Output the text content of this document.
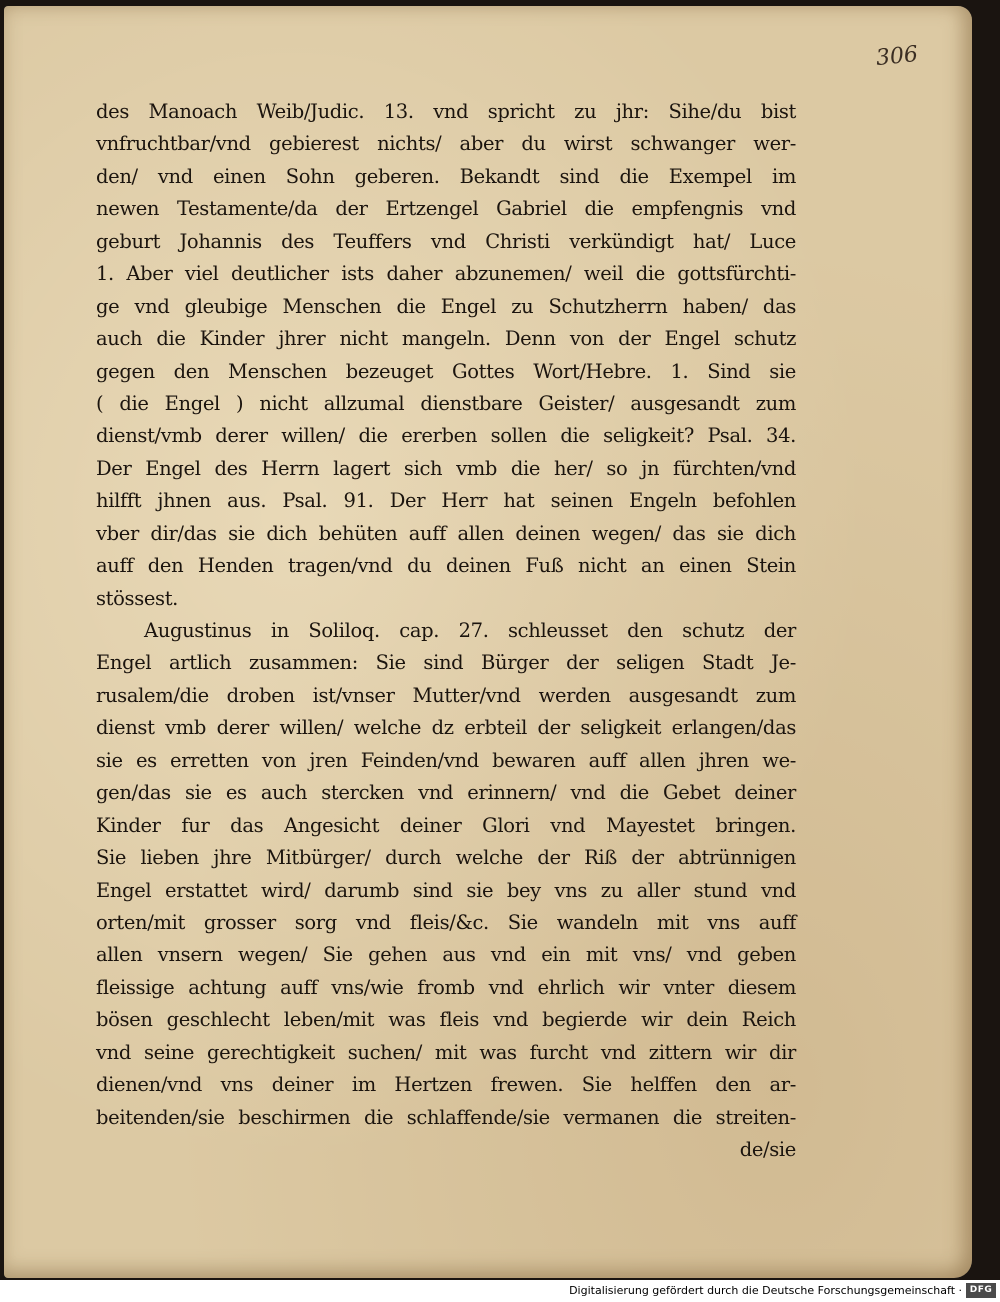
306
des Manoach Weib/Judic. 13. vnd spricht zu jhr: Sihe/du bist
vnfruchtbar/vnd gebierest nichts/ aber du wirst schwanger wer-
den/ vnd einen Sohn geberen. Bekandt sind die Exempel im
newen Testamente/da der Ertzengel Gabriel die empfengnis vnd
geburt Johannis des Teuffers vnd Christi verkündigt hat/ Luce
1. Aber viel deutlicher ists daher abzunemen/ weil die gottsfürchti-
ge vnd gleubige Menschen die Engel zu Schutzherrn haben/ das
auch die Kinder jhrer nicht mangeln. Denn von der Engel schutz
gegen den Menschen bezeuget Gottes Wort/Hebre. 1. Sind sie
( die Engel ) nicht allzumal dienstbare Geister/ ausgesandt zum
dienst/vmb derer willen/ die ererben sollen die seligkeit? Psal. 34.
Der Engel des Herrn lagert sich vmb die her/ so jn fürchten/vnd
hilfft jhnen aus. Psal. 91. Der Herr hat seinen Engeln befohlen
vber dir/das sie dich behüten auff allen deinen wegen/ das sie dich
auff den Henden tragen/vnd du deinen Fuß nicht an einen Stein
stössest.
Augustinus in Soliloq. cap. 27. schleusset den schutz der
Engel artlich zusammen: Sie sind Bürger der seligen Stadt Je-
rusalem/die droben ist/vnser Mutter/vnd werden ausgesandt zum
dienst vmb derer willen/ welche dz erbteil der seligkeit erlangen/das
sie es erretten von jren Feinden/vnd bewaren auff allen jhren we-
gen/das sie es auch stercken vnd erinnern/ vnd die Gebet deiner
Kinder fur das Angesicht deiner Glori vnd Mayestet bringen.
Sie lieben jhre Mitbürger/ durch welche der Riß der abtrünnigen
Engel erstattet wird/ darumb sind sie bey vns zu aller stund vnd
orten/mit grosser sorg vnd fleis/&c. Sie wandeln mit vns auff
allen vnsern wegen/ Sie gehen aus vnd ein mit vns/ vnd geben
fleissige achtung auff vns/wie fromb vnd ehrlich wir vnter diesem
bösen geschlecht leben/mit was fleis vnd begierde wir dein Reich
vnd seine gerechtigkeit suchen/ mit was furcht vnd zittern wir dir
dienen/vnd vns deiner im Hertzen frewen. Sie helffen den ar-
beitenden/sie beschirmen die schlaffende/sie vermanen die streiten-
de/sie
Digitalisierung gefördert durch die Deutsche Forschungsgemeinschaft · DFG
